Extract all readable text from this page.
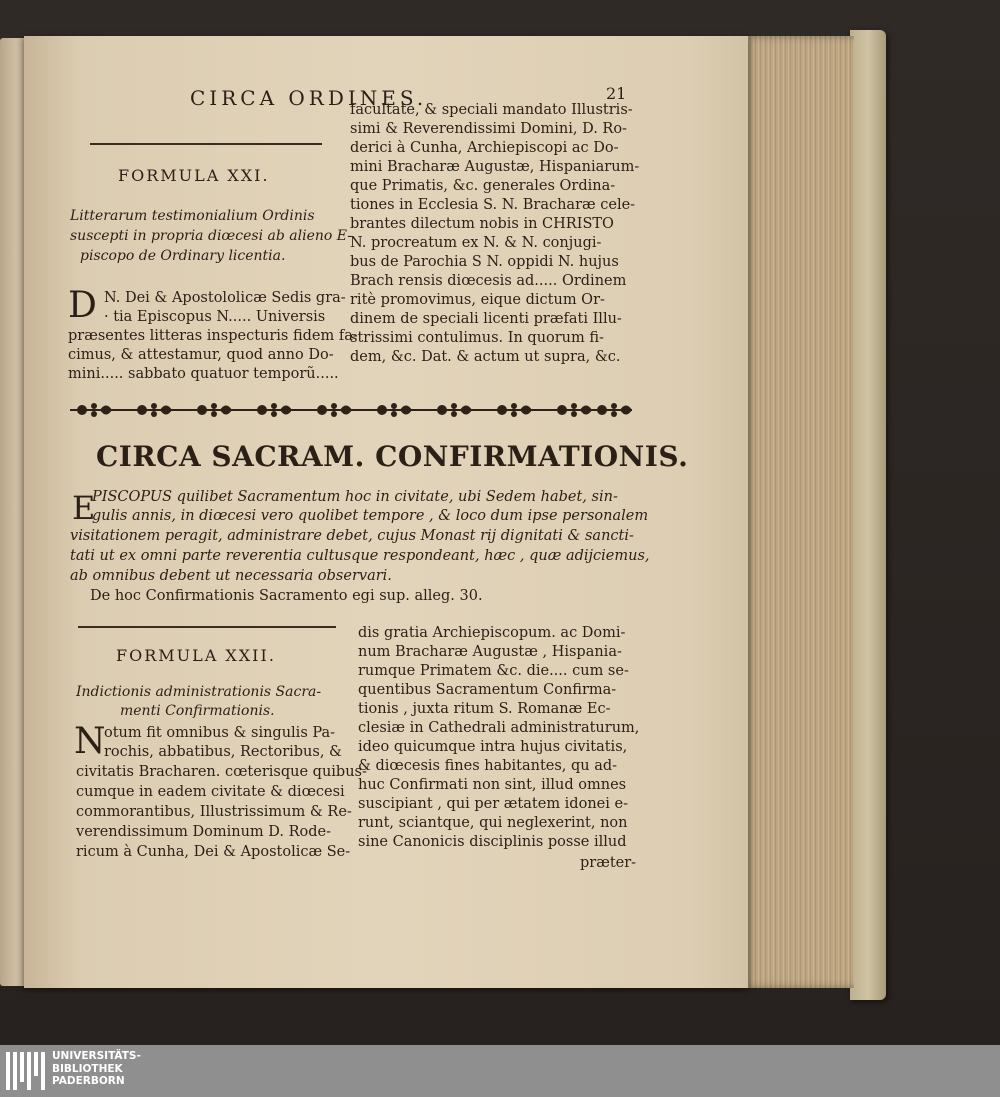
CIRCA ORDINES.	21
FORMULA XXI.
Litterarum testimonialium Ordinis
suscepti in propria diœcesi ab alieno E-
piscopo de Ordinary licentia.
D N. Dei & Apostololicæ Sedis gra-
· tia Episcopus N..... Universis
præsentes litteras inspecturis fidem fa-
cimus, & attestamur, quod anno Do-
mini..... sabbato quatuor temporũ.....
facultate, & speciali mandato Illustris-
simi & Reverendissimi Domini, D. Ro-
derici à Cunha, Archiepiscopi ac Do-
mini Bracharæ Augustæ, Hispaniarum-
que Primatis, &c. generales Ordina-
tiones in Ecclesia S. N. Bracharæ cele-
brantes dilectum nobis in CHRISTO
N. procreatum ex N. & N. conjugi-
bus de Parochia S N. oppidi N. hujus
Brach rensis diœcesis ad..... Ordinem
ritè promovimus, eique dictum Or-
dinem de speciali licenti præfati Illu-
strissimi contulimus. In quorum fi-
dem, &c. Dat. & actum ut supra, &c.
CIRCA SACRAM. CONFIRMATIONIS.
E
PISCOPUS quilibet Sacramentum hoc in civitate, ubi Sedem habet, sin-
gulis annis, in diœcesi vero quolibet tempore , & loco dum ipse personalem
visitationem peragit, administrare debet, cujus Monast rij dignitati & sancti-
tati ut ex omni parte reverentia cultusque respondeant, hæc , quæ adijciemus,
ab omnibus debent ut necessaria observari.
De hoc Confirmationis Sacramento egi sup. alleg. 30.
FORMULA XXII.
Indictionis administrationis Sacra-
menti Confirmationis.
N
otum fit omnibus & singulis Pa-
rochis, abbatibus, Rectoribus, &
civitatis Bracharen. cœterisque quibus-
cumque in eadem civitate & diœcesi
commorantibus, Illustrissimum & Re-
verendissimum Dominum D. Rode-
ricum à Cunha, Dei & Apostolicæ Se-
dis gratia Archiepiscopum. ac Domi-
num Bracharæ Augustæ , Hispania-
rumque Primatem &c. die.... cum se-
quentibus Sacramentum Confirma-
tionis , juxta ritum S. Romanæ Ec-
clesiæ in Cathedrali administraturum,
ideo quicumque intra hujus civitatis,
& diœcesis fines habitantes, qu ad-
huc Confirmati non sint, illud omnes
suscipiant , qui per ætatem idonei e-
runt, sciantque, qui neglexerint, non
sine Canonicis disciplinis posse illud
præter-
UNIVERSITÄTS-
BIBLIOTHEK
PADERBORN
